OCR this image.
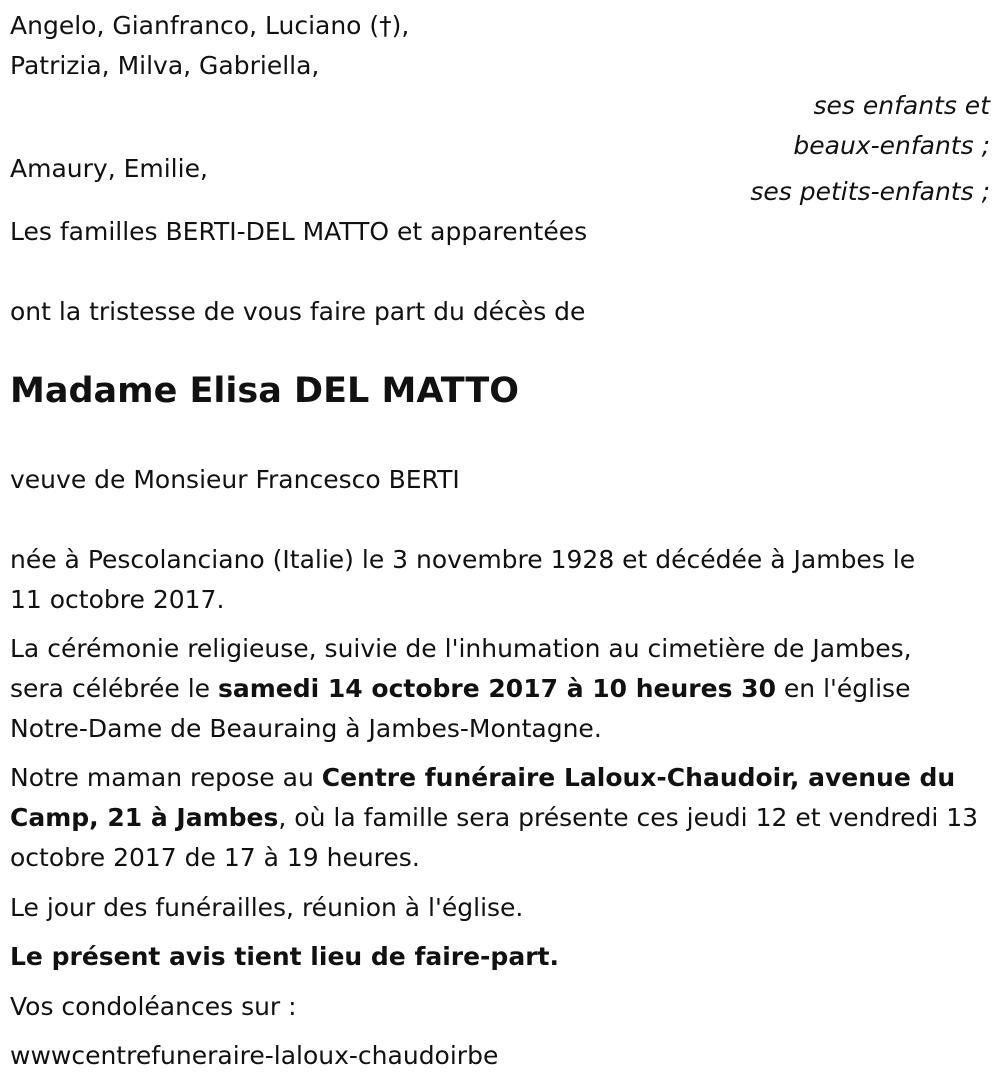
Angelo, Gianfranco, Luciano (†),
Patrizia, Milva, Gabriella,
ses enfants et
beaux-enfants ;
Amaury, Emilie,
ses petits-enfants ;
Les familles BERTI-DEL MATTO et apparentées
ont la tristesse de vous faire part du décès de
Madame Elisa DEL MATTO
veuve de Monsieur Francesco BERTI
née à Pescolanciano (Italie) le 3 novembre 1928 et décédée à Jambes le
11 octobre 2017.
La cérémonie religieuse, suivie de l'inhumation au cimetière de Jambes,
sera célébrée le samedi 14 octobre 2017 à 10 heures 30 en l'église
Notre-Dame de Beauraing à Jambes-Montagne.
Notre maman repose au Centre funéraire Laloux-Chaudoir, avenue du
Camp, 21 à Jambes, où la famille sera présente ces jeudi 12 et vendredi 13
octobre 2017 de 17 à 19 heures.
Le jour des funérailles, réunion à l'église.
Le présent avis tient lieu de faire-part.
Vos condoléances sur :
wwwcentrefuneraire-laloux-chaudoirbe
